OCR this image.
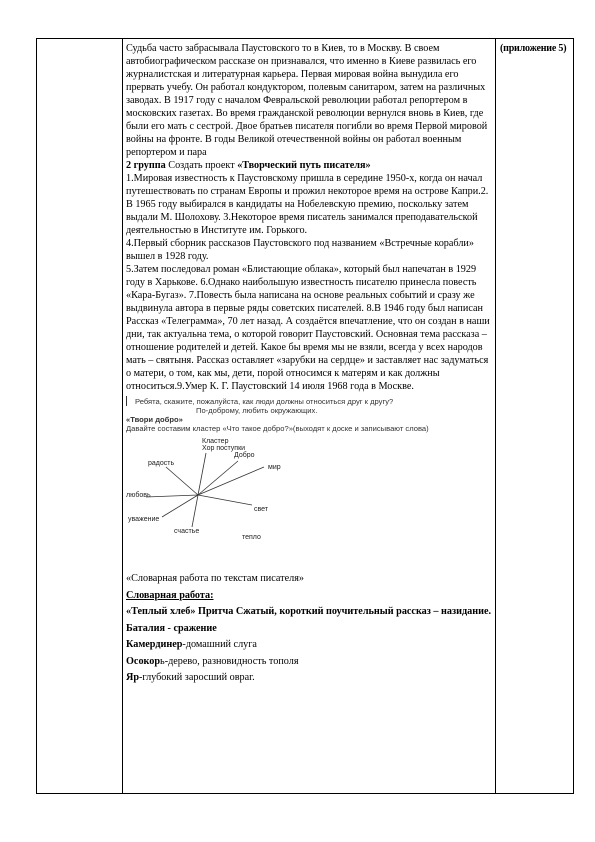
(приложение 5)

Судьба часто забрасывала Паустовского то в Киев, то в Москву. В своем автобиографическом рассказе он признавался, что именно в Киеве развилась его журналистская и литературная карьера. Первая мировая война вынудила его прервать учебу. Он работал кондуктором, полевым санитаром, затем на различных заводах. В 1917 году с началом Февральской революции работал репортером в московских газетах. Во время гражданской революции вернулся вновь в Киев, где были его мать с сестрой. Двое братьев писателя погибли во время Первой мировой войны на фронте. В годы Великой отечественной войны он работал военным репортером и пара

2 группа Создать проект «Творческий путь писателя»

1.Мировая известность к Паустовскому пришла в середине 1950-х, когда он начал путешествовать по странам Европы и прожил некоторое время на острове Капри.2. В 1965 году выбирался в кандидаты на Нобелевскую премию, поскольку затем выдали М. Шолохову. 3.Некоторое время писатель занимался преподавательской деятельностью в Институте им. Горького.

4.Первый сборник рассказов Паустовского под названием «Встречные корабли» вышел в 1928 году.

5.Затем последовал роман «Блистающие облака», который был напечатан в 1929 году в Харькове. 6.Однако наибольшую известность писателю принесла повесть «Кара-Бугаз». 7.Повесть была написана на основе реальных событий и сразу же выдвинула автора в первые ряды советских писателей. 8.В 1946 году был написан Рассказ «Телеграмма», 70 лет назад. А создаётся впечатление, что он создан в наши дни, так актуальна тема, о которой говорит Паустовский. Основная тема рассказа – отношение родителей и детей. Какое бы время мы не взяли, всегда у всех народов мать – святыня. Рассказ оставляет «зарубки на сердце» и заставляет нас задуматься о матери, о том, как мы, дети, порой относимся к матерям и как должны относиться.9.Умер К. Г. Паустовский 14 июля 1968 года в Москве.

Ребята, скажите, пожалуйста, как люди должны относиться друг к другу?

По-доброму, любить окружающих.

«Твори добро»

Давайте составим кластер «Что такое добро?»(выходят к доске и записывают слова)

Кластер
Хор поступки
Добро
радость
мир
любовь
свет
уважение
счастье
тепло

«Словарная работа по текстам писателя»

Словарная работа:

«Теплый хлеб» Притча Сжатый, короткий поучительный рассказ – назидание. Баталия - сражение

Камердинер-домашний слуга

Осокорь-дерево, разновидность тополя

Яр-глубокий заросший овраг.
